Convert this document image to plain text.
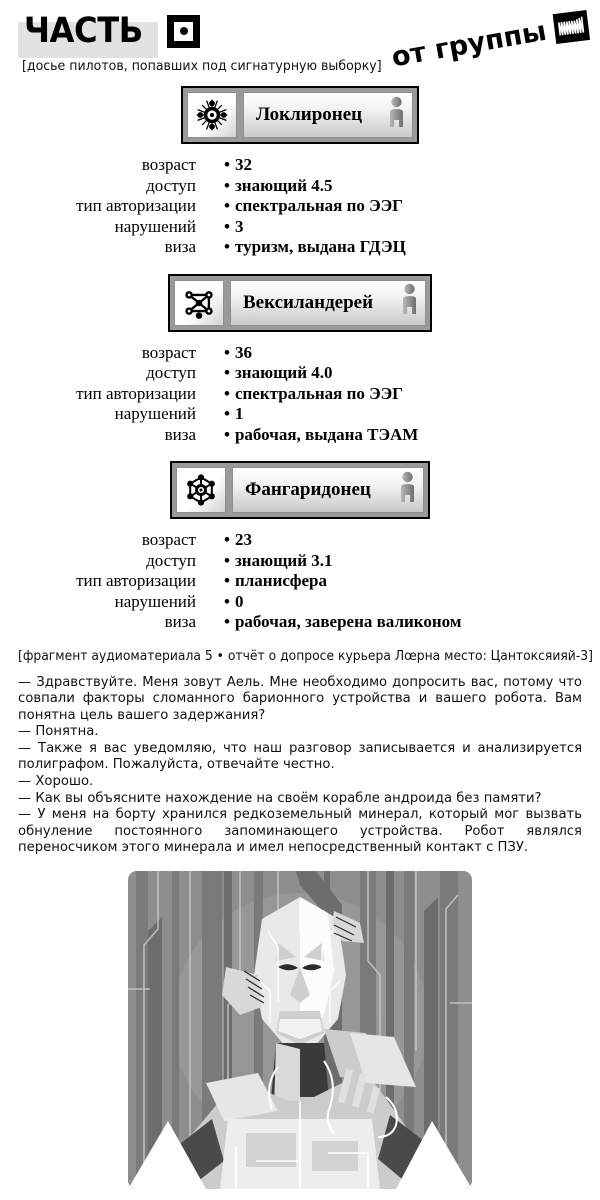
ЧАСТЬ
[досье пилотов, попавших под сигнатурную выборку] от группы
Локлиронец
возраст • 32
доступ • знающий 4.5
тип авторизации • спектральная по ЭЭГ
нарушений • 3
виза • туризм, выдана ГДЭЦ
Вексиландерей
возраст • 36
доступ • знающий 4.0
тип авторизации • спектральная по ЭЭГ
нарушений • 1
виза • рабочая, выдана ТЭАМ
Фангаридонец
возраст • 23
доступ • знающий 3.1
тип авторизации • планисфера
нарушений • 0
виза • рабочая, заверена валиконом
[фрагмент аудиоматериала 5 • отчёт о допросе курьера Лœрна место: Цантоксяияй-3]

— Здравствуйте. Меня зовут Аель. Мне необходимо допросить вас, потому что совпали факторы сломанного барионного устройства и вашего робота. Вам понятна цель вашего задержания?

— Понятна.

— Также я вас уведомляю, что наш разговор записывается и анализируется полиграфом. Пожалуйста, отвечайте честно.

— Хорошо.

— Как вы объясните нахождение на своём корабле андроида без памяти?

— У меня на борту хранился редкоземельный минерал, который мог вызвать обнуление постоянного запоминающего устройства. Робот являлся переносчиком этого минерала и имел непосредственный контакт с ПЗУ.
